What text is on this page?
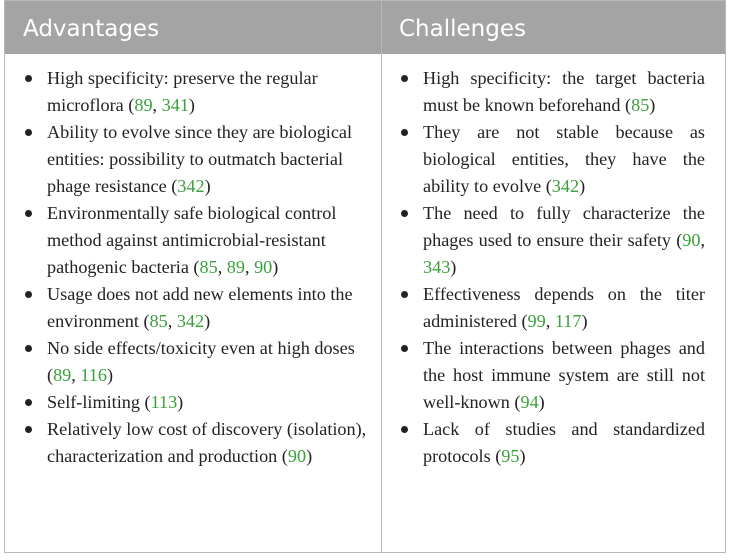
Advantages	Challenges
High specificity: preserve the regular microflora (89, 341)
Ability to evolve since they are biological entities: possibility to outmatch bacterial phage resistance (342)
Environmentally safe biological control method against antimicrobial-resistant pathogenic bacteria (85, 89, 90)
Usage does not add new elements into the environment (85, 342)
No side effects/toxicity even at high doses (89, 116)
Self-limiting (113)
Relatively low cost of discovery (isolation), characterization and production (90)
High specificity: the target bacteria must be known beforehand (85)
They are not stable because as biological entities, they have the ability to evolve (342)
The need to fully characterize the phages used to ensure their safety (90, 343)
Effectiveness depends on the titer administered (99, 117)
The interactions between phages and the host immune system are still not well-known (94)
Lack of studies and standardized protocols (95)
